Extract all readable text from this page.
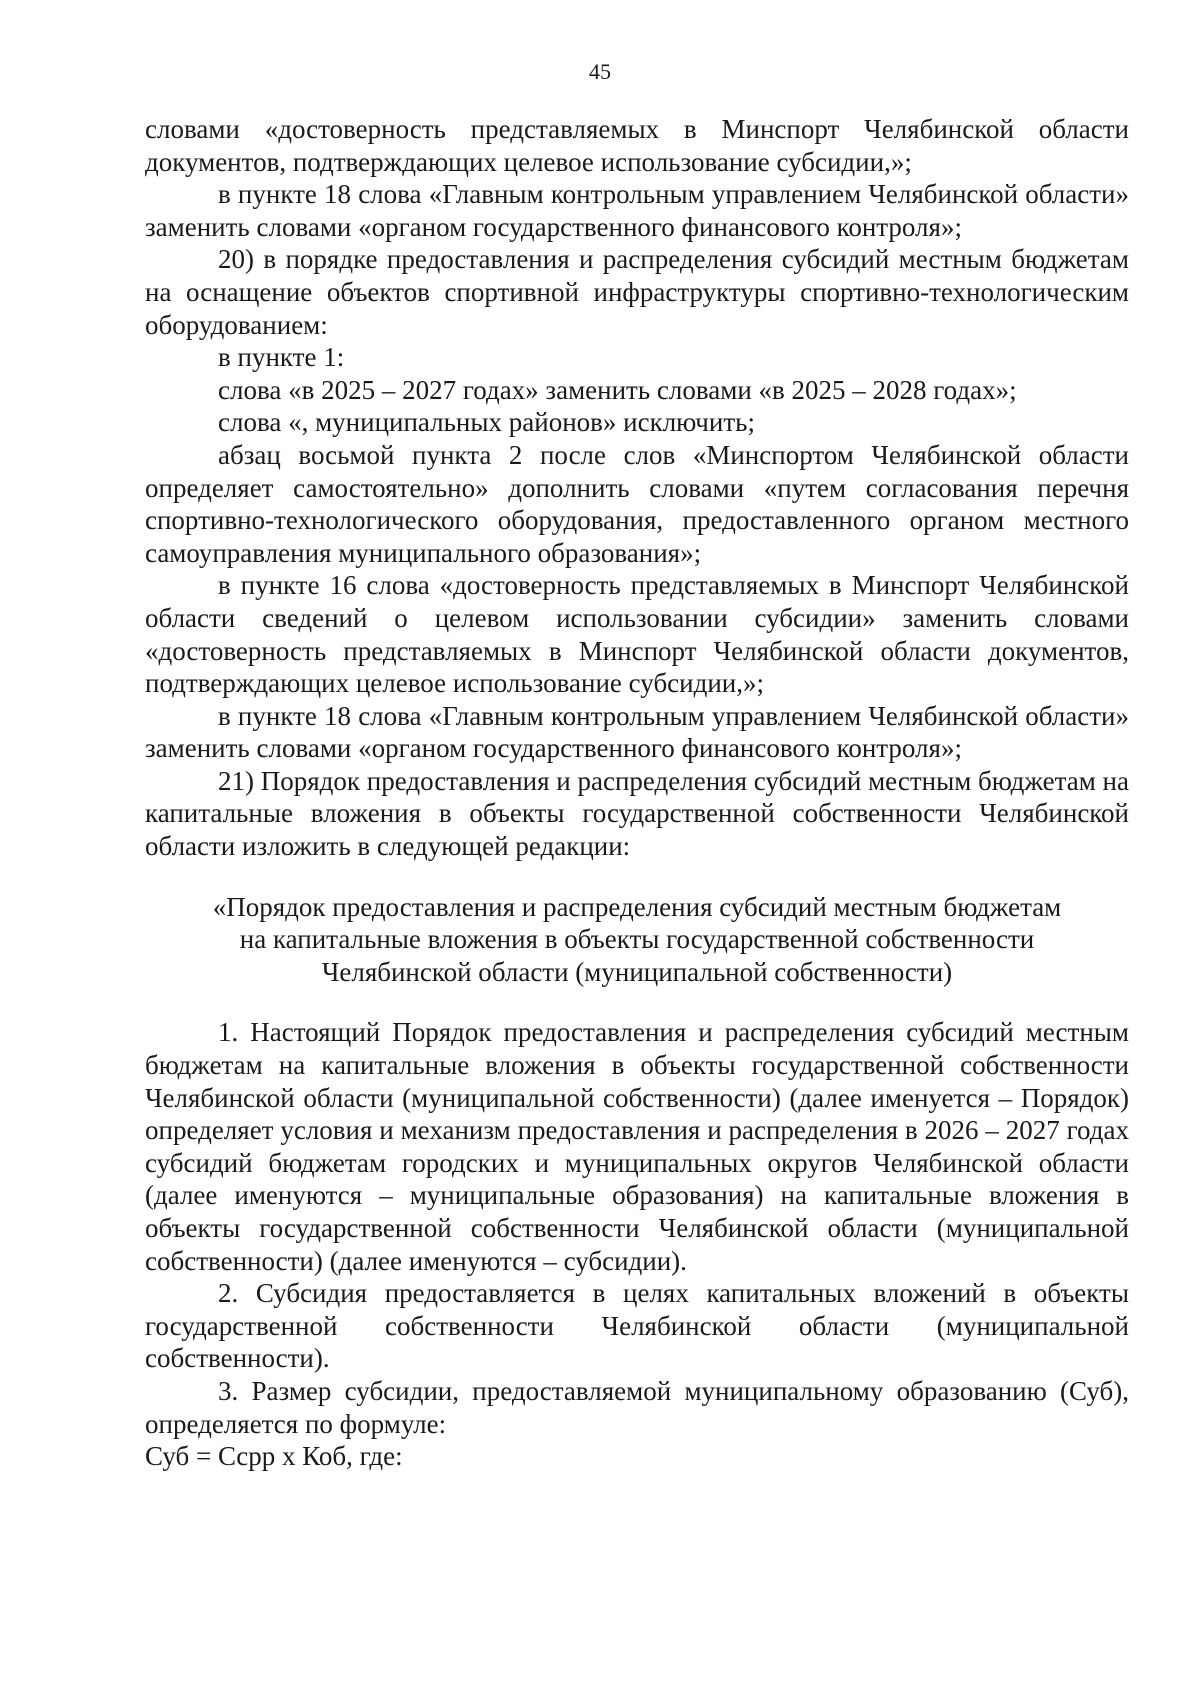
45

словами «достоверность представляемых в Минспорт Челябинской области документов, подтверждающих целевое использование субсидии,»;

в пункте 18 слова «Главным контрольным управлением Челябинской области» заменить словами «органом государственного финансового контроля»;

20) в порядке предоставления и распределения субсидий местным бюджетам на оснащение объектов спортивной инфраструктуры спортивно-технологическим оборудованием:

в пункте 1:

слова «в 2025 – 2027 годах» заменить словами «в 2025 – 2028 годах»;

слова «, муниципальных районов» исключить;

абзац восьмой пункта 2 после слов «Минспортом Челябинской области определяет самостоятельно» дополнить словами «путем согласования перечня спортивно-технологического оборудования, предоставленного органом местного самоуправления муниципального образования»;

в пункте 16 слова «достоверность представляемых в Минспорт Челябинской области сведений о целевом использовании субсидии» заменить словами «достоверность представляемых в Минспорт Челябинской области документов, подтверждающих целевое использование субсидии,»;

в пункте 18 слова «Главным контрольным управлением Челябинской области» заменить словами «органом государственного финансового контроля»;

21) Порядок предоставления и распределения субсидий местным бюджетам на капитальные вложения в объекты государственной собственности Челябинской области изложить в следующей редакции:

«Порядок предоставления и распределения субсидий местным бюджетам
на капитальные вложения в объекты государственной собственности
Челябинской области (муниципальной собственности)

1. Настоящий Порядок предоставления и распределения субсидий местным бюджетам на капитальные вложения в объекты государственной собственности Челябинской области (муниципальной собственности) (далее именуется – Порядок) определяет условия и механизм предоставления и распределения в 2026 – 2027 годах субсидий бюджетам городских и муниципальных округов Челябинской области (далее именуются – муниципальные образования) на капитальные вложения в объекты государственной собственности Челябинской области (муниципальной собственности) (далее именуются – субсидии).

2. Субсидия предоставляется в целях капитальных вложений в объекты государственной собственности Челябинской области (муниципальной собственности).

3. Размер субсидии, предоставляемой муниципальному образованию (Суб), определяется по формуле:

Суб = Ссрр х Коб, где:
